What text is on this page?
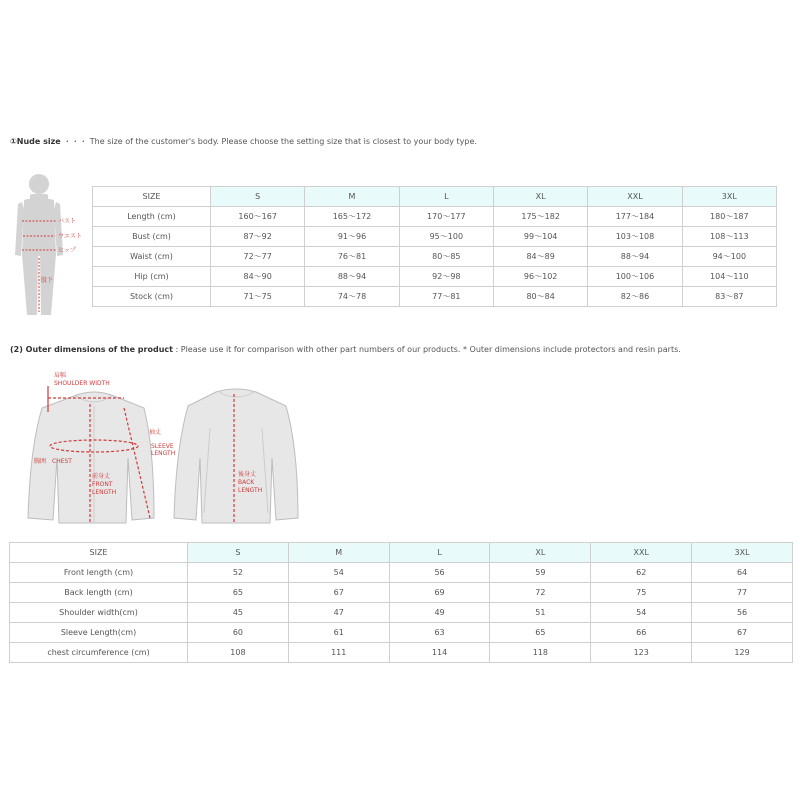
①Nude size ・・・ The size of the customer's body. Please choose the setting size that is closest to your body type.
バスト
ウエスト
ヒップ
股下
SIZE	S	M	L	XL	XXL	3XL
Length (cm)	160～167	165～172	170～177	175～182	177～184	180～187
Bust (cm)	87～92	91～96	95～100	99～104	103～108	108～113
Waist (cm)	72～77	76～81	80～85	84～89	88～94	94～100
Hip (cm)	84～90	88～94	92～98	96～102	100～106	104～110
Stock (cm)	71～75	74～78	77～81	80～84	82～86	83～87
(2) Outer dimensions of the product : Please use it for comparison with other part numbers of our products. * Outer dimensions include protectors and resin parts.
肩幅
SHOULDER WIDTH
袖丈
SLEEVE
LENGTH
胸囲 CHEST
前身丈
FRONT
LENGTH
後身丈
BACK
LENGTH
SIZE	S	M	L	XL	XXL	3XL
Front length (cm)	52	54	56	59	62	64
Back length (cm)	65	67	69	72	75	77
Shoulder width(cm)	45	47	49	51	54	56
Sleeve Length(cm)	60	61	63	65	66	67
chest circumference (cm)	108	111	114	118	123	129
